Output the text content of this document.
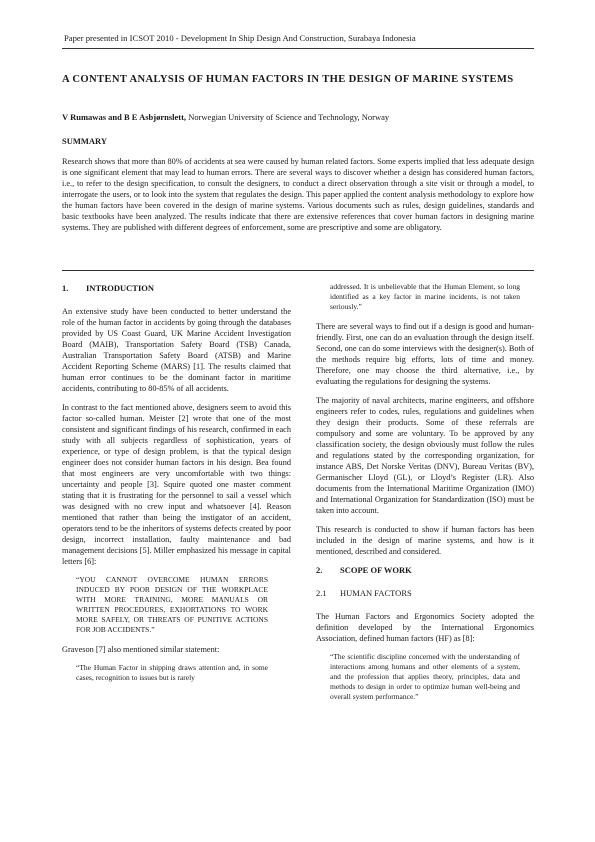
Paper presented in ICSOT 2010 - Development In Ship Design And Construction, Surabaya Indonesia
A CONTENT ANALYSIS OF HUMAN FACTORS IN THE DESIGN OF MARINE SYSTEMS
V Rumawas and B E Asbjørnslett, Norwegian University of Science and Technology, Norway
SUMMARY
Research shows that more than 80% of accidents at sea were caused by human related factors. Some experts implied that less adequate design is one significant element that may lead to human errors. There are several ways to discover whether a design has considered human factors, i.e., to refer to the design specification, to consult the designers, to conduct a direct observation through a site visit or through a model, to interrogate the users, or to look into the system that regulates the design. This paper applied the content analysis methodology to explore how the human factors have been covered in the design of marine systems. Various documents such as rules, design guidelines, standards and basic textbooks have been analyzed. The results indicate that there are extensive references that cover human factors in designing marine systems. They are published with different degrees of enforcement, some are prescriptive and some are obligatory.
1. INTRODUCTION

An extensive study have been conducted to better understand the role of the human factor in accidents by going through the databases provided by US Coast Guard, UK Marine Accident Investigation Board (MAIB), Transportation Safety Board (TSB) Canada, Australian Transportation Safety Board (ATSB) and Marine Accident Reporting Scheme (MARS) [1]. The results claimed that human error continues to be the dominant factor in maritime accidents, contributing to 80-85% of all accidents.

In contrast to the fact mentioned above, designers seem to avoid this factor so-called human. Meister [2] wrote that one of the most consistent and significant findings of his research, confirmed in each study with all subjects regardless of sophistication, years of experience, or type of design problem, is that the typical design engineer does not consider human factors in his design. Bea found that most engineers are very uncomfortable with two things: uncertainty and people [3]. Squire quoted one master comment stating that it is frustrating for the personnel to sail a vessel which was designed with no crew input and whatsoever [4]. Reason mentioned that rather than being the instigator of an accident, operators tend to be the inheritors of systems defects created by poor design, incorrect installation, faulty maintenance and bad management decisions [5]. Miller emphasized his message in capital letters [6]:

“YOU CANNOT OVERCOME HUMAN ERRORS INDUCED BY POOR DESIGN OF THE WORKPLACE WITH MORE TRAINING, MORE MANUALS OR WRITTEN PROCEDURES, EXHORTATIONS TO WORK MORE SAFELY, OR THREATS OF PUNITIVE ACTIONS FOR JOB ACCIDENTS.”

Graveson [7] also mentioned similar statement:

“The Human Factor in shipping draws attention and, in some cases, recognition to issues but is rarely
addressed. It is unbelievable that the Human Element, so long identified as a key factor in marine incidents, is not taken seriously.”

There are several ways to find out if a design is good and human-friendly. First, one can do an evaluation through the design itself. Second, one can do some interviews with the designer(s). Both of the methods require big efforts, lots of time and money. Therefore, one may choose the third alternative, i.e., by evaluating the regulations for designing the systems.

The majority of naval architects, marine engineers, and offshore engineers refer to codes, rules, regulations and guidelines when they design their products. Some of these referrals are compulsory and some are voluntary. To be approved by any classification society, the design obviously must follow the rules and regulations stated by the corresponding organization, for instance ABS, Det Norske Veritas (DNV), Bureau Veritas (BV), Germanischer Lloyd (GL), or Lloyd’s Register (LR). Also documents from the International Maritime Organization (IMO) and International Organization for Standardization (ISO) must be taken into account.

This research is conducted to show if human factors has been included in the design of marine systems, and how is it mentioned, described and considered.

2. SCOPE OF WORK
2.1 HUMAN FACTORS

The Human Factors and Ergonomics Society adopted the definition developed by the International Ergonomics Association, defined human factors (HF) as [8]:

“The scientific discipline concerned with the understanding of interactions among humans and other elements of a system, and the profession that applies theory, principles, data and methods to design in order to optimize human well-being and overall system performance.”
